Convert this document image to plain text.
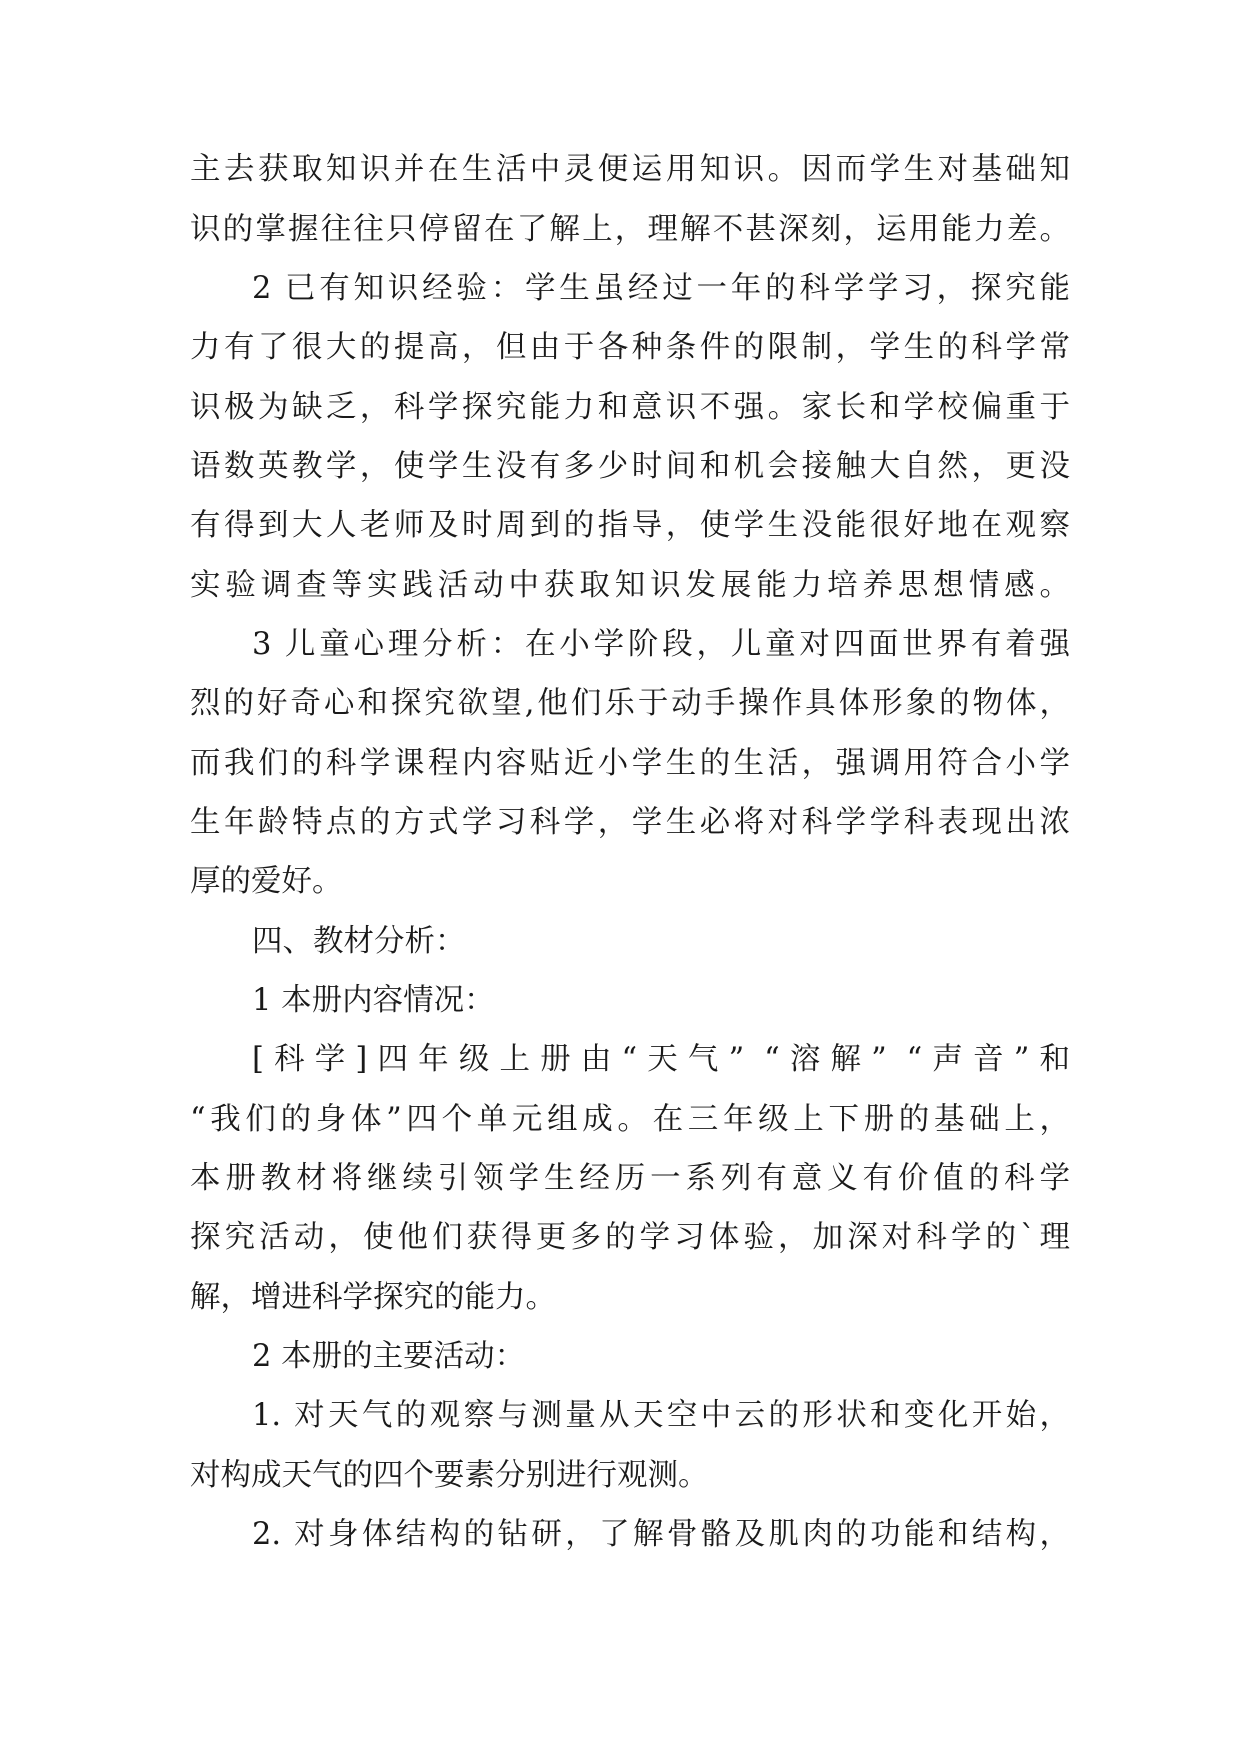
主去获取知识并在生活中灵便运用知识。因而学生对基础知
识的掌握往往只停留在了解上，理解不甚深刻，运用能力差。
2 已有知识经验：学生虽经过一年的科学学习，探究能
力有了很大的提高，但由于各种条件的限制，学生的科学常
识极为缺乏，科学探究能力和意识不强。家长和学校偏重于
语数英教学，使学生没有多少时间和机会接触大自然，更没
有得到大人老师及时周到的指导，使学生没能很好地在观察
实验调查等实践活动中获取知识发展能力培养思想情感。
3 儿童心理分析：在小学阶段，儿童对四面世界有着强
烈的好奇心和探究欲望,他们乐于动手操作具体形象的物体，
而我们的科学课程内容贴近小学生的生活，强调用符合小学
生年龄特点的方式学习科学，学生必将对科学学科表现出浓
厚的爱好。
四、教材分析：
1 本册内容情况：
[科学]四年级上册由“天气” “溶解” “声音”和
“我们的身体”四个单元组成。在三年级上下册的基础上，
本册教材将继续引领学生经历一系列有意义有价值的科学
探究活动，使他们获得更多的学习体验，加深对科学的`理
解，增进科学探究的能力。
2 本册的主要活动：
1. 对天气的观察与测量从天空中云的形状和变化开始，
对构成天气的四个要素分别进行观测。
2. 对身体结构的钻研，了解骨骼及肌肉的功能和结构，
